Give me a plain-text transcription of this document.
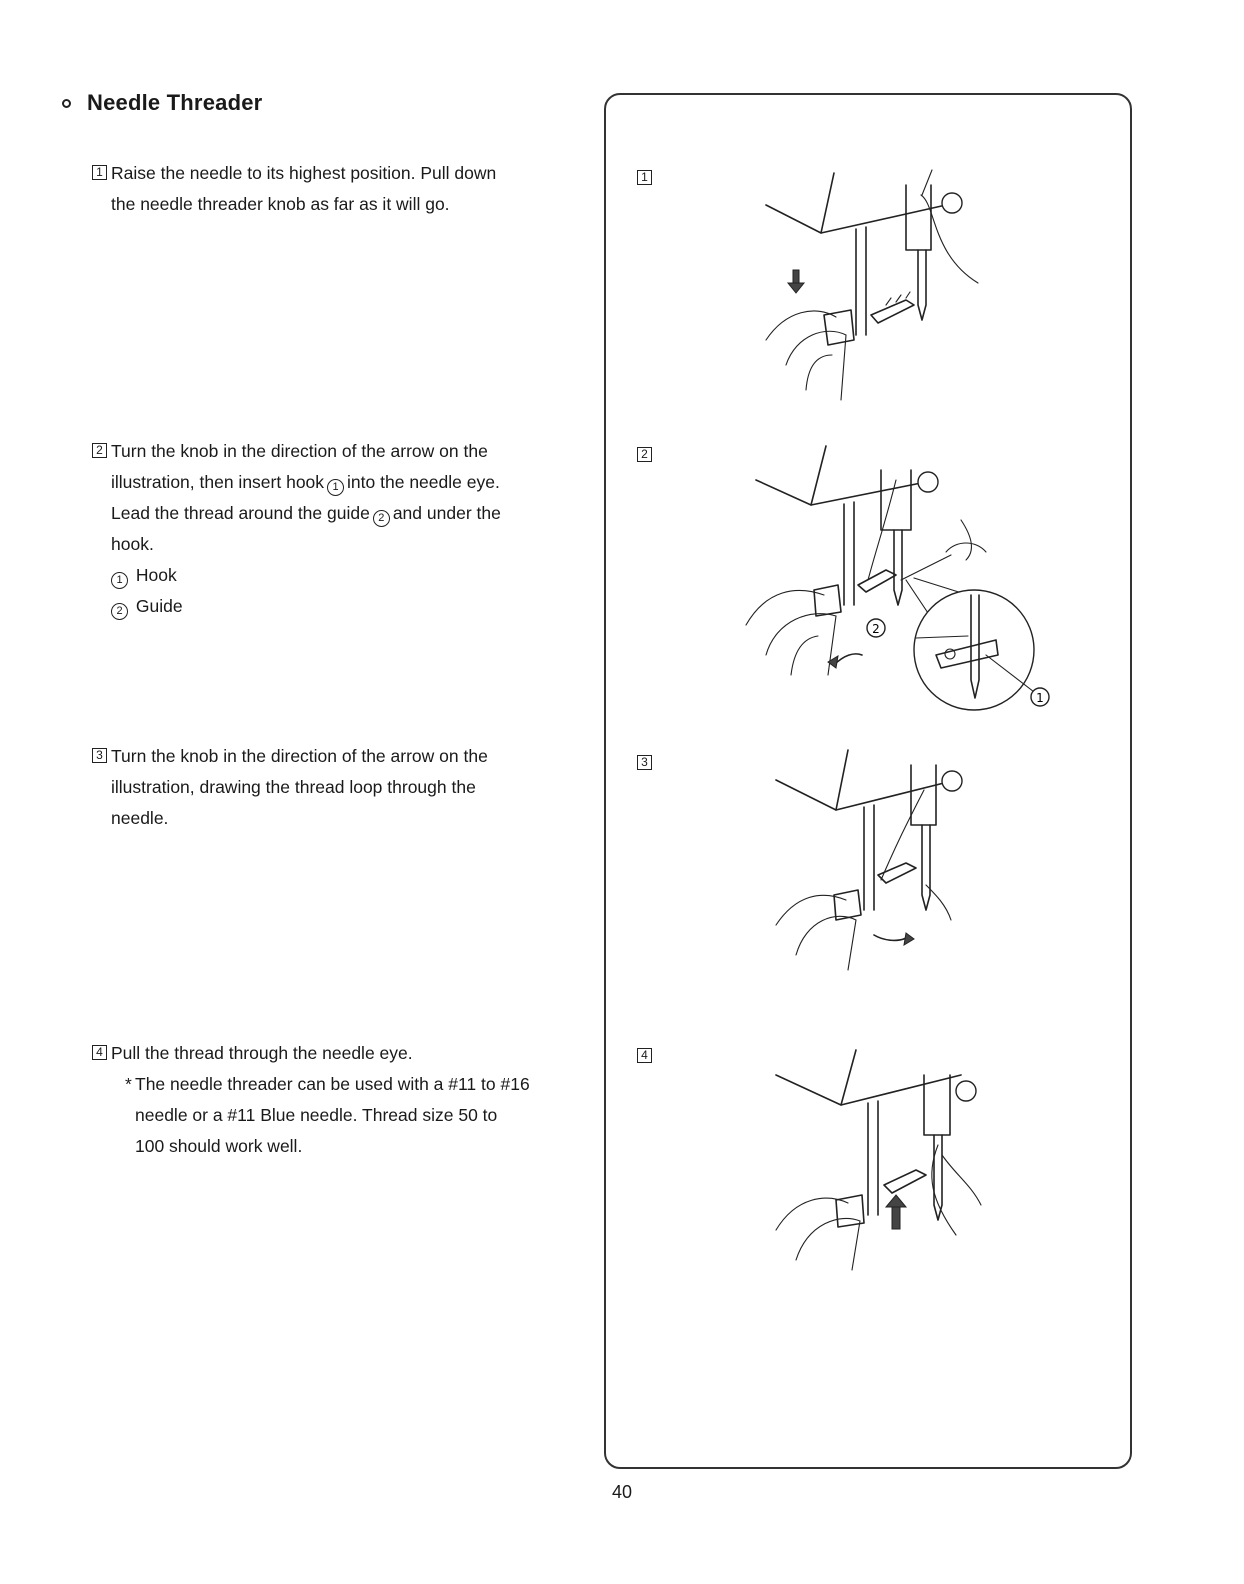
Needle Threader
1 Raise the needle to its highest position. Pull down
the needle threader knob as far as it will go.
2 Turn the knob in the direction of the arrow on the
illustration, then insert hook 1 into the needle eye.
Lead the thread around the guide 2 and under the
hook.
1 Hook
2 Guide
3 Turn the knob in the direction of the arrow on the
illustration, drawing the thread loop through the
needle.
4 Pull the thread through the needle eye.
* The needle threader can be used with a #11 to #16
needle or a #11 Blue needle. Thread size 50 to
100 should work well.
1
2
2
1
3
4
40
